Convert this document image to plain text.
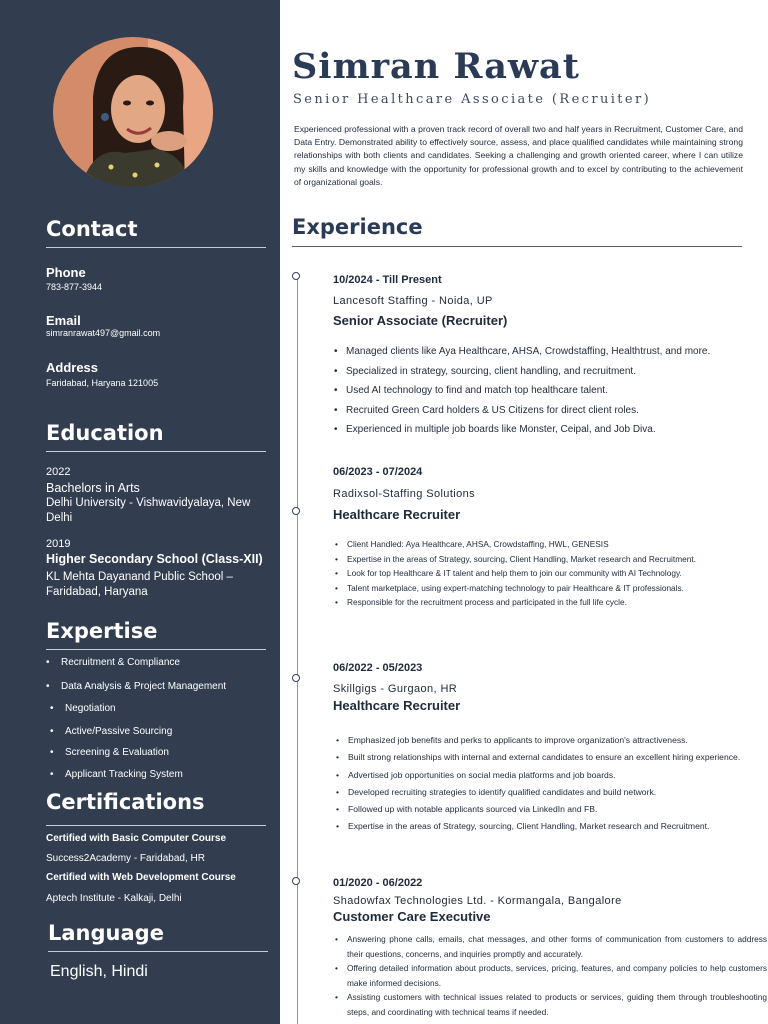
Contact
Phone
783-877-3944
Email
simranrawat497@gmail.com
Address
Faridabad, Haryana 121005
Education
2022
Bachelors in Arts
Delhi University - Vishwavidyalaya, New Delhi
2019
Higher Secondary School (Class-XII)
KL Mehta Dayanand Public School – Faridabad, Haryana
Expertise
• Recruitment & Compliance
• Data Analysis & Project Management
• Negotiation
• Active/Passive Sourcing
• Screening & Evaluation
• Applicant Tracking System
Certifications
Certified with Basic Computer Course
Success2Academy - Faridabad, HR
Certified with Web Development Course
Aptech Institute - Kalkaji, Delhi
Language
English, Hindi
Simran Rawat
Senior Healthcare Associate (Recruiter)
Experienced professional with a proven track record of overall two and half years in Recruitment, Customer Care, and Data Entry. Demonstrated ability to effectively source, assess, and place qualified candidates while maintaining strong relationships with both clients and candidates. Seeking a challenging and growth oriented career, where I can utilize my skills and knowledge with the opportunity for professional growth and to excel by contributing to the achievement of organizational goals.
Experience
10/2024 - Till Present
Lancesoft Staffing - Noida, UP
Senior Associate (Recruiter)
• Managed clients like Aya Healthcare, AHSA, Crowdstaffing, Healthtrust, and more.
• Specialized in strategy, sourcing, client handling, and recruitment.
• Used AI technology to find and match top healthcare talent.
• Recruited Green Card holders & US Citizens for direct client roles.
• Experienced in multiple job boards like Monster, Ceipal, and Job Diva.
06/2023 - 07/2024
Radixsol-Staffing Solutions
Healthcare Recruiter
• Client Handled: Aya Healthcare, AHSA, Crowdstaffing, HWL, GENESIS
• Expertise in the areas of Strategy, sourcing, Client Handling, Market research and Recruitment.
• Look for top Healthcare & IT talent and help them to join our community with AI Technology.
• Talent marketplace, using expert-matching technology to pair Healthcare & IT professionals.
• Responsible for the recruitment process and participated in the full life cycle.
06/2022 - 05/2023
Skillgigs - Gurgaon, HR
Healthcare Recruiter
• Emphasized job benefits and perks to applicants to improve organization's attractiveness.
• Built strong relationships with internal and external candidates to ensure an excellent hiring experience.
• Advertised job opportunities on social media platforms and job boards.
• Developed recruiting strategies to identify qualified candidates and build network.
• Followed up with notable applicants sourced via LinkedIn and FB.
• Expertise in the areas of Strategy, sourcing, Client Handling, Market research and Recruitment.
01/2020 - 06/2022
Shadowfax Technologies Ltd. - Kormangala, Bangalore
Customer Care Executive
• Answering phone calls, emails, chat messages, and other forms of communication from customers to address their questions, concerns, and inquiries promptly and accurately.
• Offering detailed information about products, services, pricing, features, and company policies to help customers make informed decisions.
• Assisting customers with technical issues related to products or services, guiding them through troubleshooting steps, and coordinating with technical teams if needed.
